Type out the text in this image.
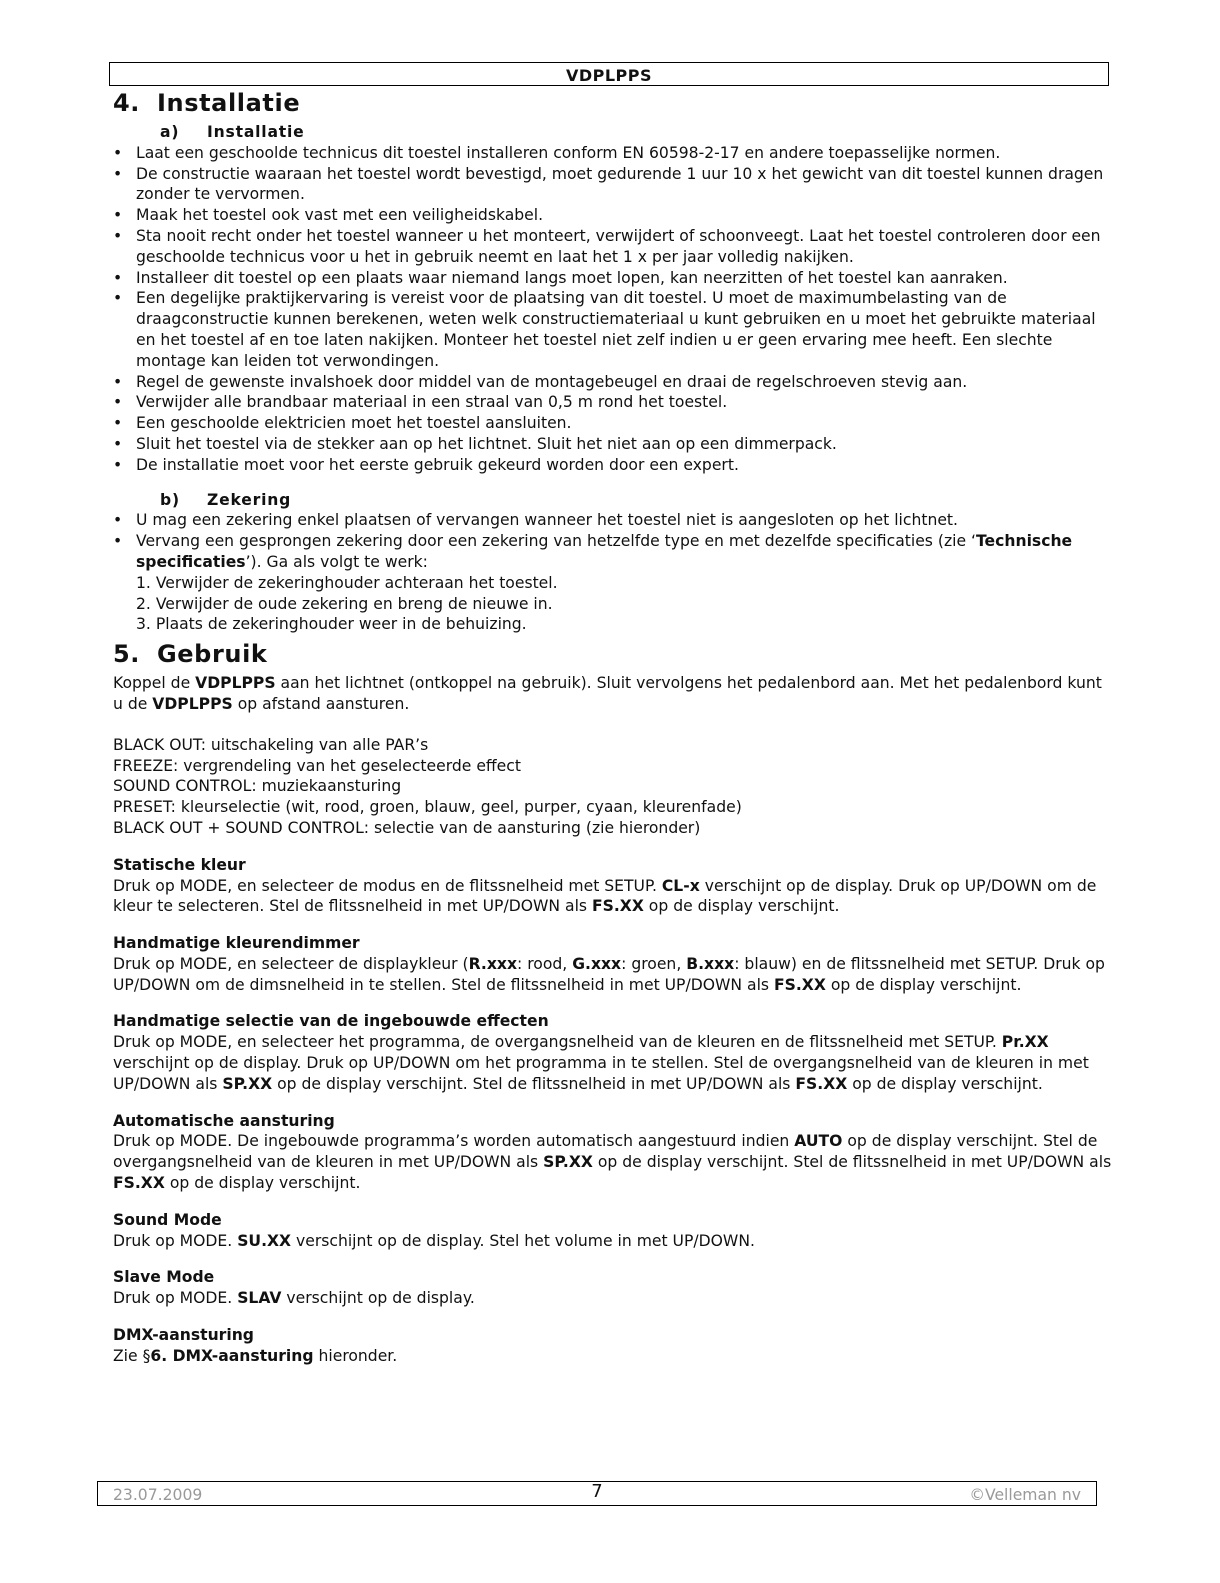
VDPLPPS
4. Installatie
a) Installatie
• Laat een geschoolde technicus dit toestel installeren conform EN 60598-2-17 en andere toepasselijke normen.
• De constructie waaraan het toestel wordt bevestigd, moet gedurende 1 uur 10 x het gewicht van dit toestel kunnen dragen zonder te vervormen.
• Maak het toestel ook vast met een veiligheidskabel.
• Sta nooit recht onder het toestel wanneer u het monteert, verwijdert of schoonveegt. Laat het toestel controleren door een geschoolde technicus voor u het in gebruik neemt en laat het 1 x per jaar volledig nakijken.
• Installeer dit toestel op een plaats waar niemand langs moet lopen, kan neerzitten of het toestel kan aanraken.
• Een degelijke praktijkervaring is vereist voor de plaatsing van dit toestel. U moet de maximumbelasting van de draagconstructie kunnen berekenen, weten welk constructiemateriaal u kunt gebruiken en u moet het gebruikte materiaal en het toestel af en toe laten nakijken. Monteer het toestel niet zelf indien u er geen ervaring mee heeft. Een slechte montage kan leiden tot verwondingen.
• Regel de gewenste invalshoek door middel van de montagebeugel en draai de regelschroeven stevig aan.
• Verwijder alle brandbaar materiaal in een straal van 0,5 m rond het toestel.
• Een geschoolde elektricien moet het toestel aansluiten.
• Sluit het toestel via de stekker aan op het lichtnet. Sluit het niet aan op een dimmerpack.
• De installatie moet voor het eerste gebruik gekeurd worden door een expert.
b) Zekering
• U mag een zekering enkel plaatsen of vervangen wanneer het toestel niet is aangesloten op het lichtnet.
• Vervang een gesprongen zekering door een zekering van hetzelfde type en met dezelfde specificaties (zie ‘Technische specificaties’). Ga als volgt te werk:
1. Verwijder de zekeringhouder achteraan het toestel.
2. Verwijder de oude zekering en breng de nieuwe in.
3. Plaats de zekeringhouder weer in de behuizing.
5. Gebruik

Koppel de VDPLPPS aan het lichtnet (ontkoppel na gebruik). Sluit vervolgens het pedalenbord aan. Met het pedalenbord kunt u de VDPLPPS op afstand aansturen.

BLACK OUT: uitschakeling van alle PAR’s

FREEZE: vergrendeling van het geselecteerde effect

SOUND CONTROL: muziekaansturing

PRESET: kleurselectie (wit, rood, groen, blauw, geel, purper, cyaan, kleurenfade)

BLACK OUT + SOUND CONTROL: selectie van de aansturing (zie hieronder)

Statische kleur

Druk op MODE, en selecteer de modus en de flitssnelheid met SETUP. CL-x verschijnt op de display. Druk op UP/DOWN om de kleur te selecteren. Stel de flitssnelheid in met UP/DOWN als FS.XX op de display verschijnt.

Handmatige kleurendimmer

Druk op MODE, en selecteer de displaykleur (R.xxx: rood, G.xxx: groen, B.xxx: blauw) en de flitssnelheid met SETUP. Druk op UP/DOWN om de dimsnelheid in te stellen. Stel de flitssnelheid in met UP/DOWN als FS.XX op de display verschijnt.

Handmatige selectie van de ingebouwde effecten

Druk op MODE, en selecteer het programma, de overgangsnelheid van de kleuren en de flitssnelheid met SETUP. Pr.XX verschijnt op de display. Druk op UP/DOWN om het programma in te stellen. Stel de overgangsnelheid van de kleuren in met UP/DOWN als SP.XX op de display verschijnt. Stel de flitssnelheid in met UP/DOWN als FS.XX op de display verschijnt.

Automatische aansturing

Druk op MODE. De ingebouwde programma’s worden automatisch aangestuurd indien AUTO op de display verschijnt. Stel de overgangsnelheid van de kleuren in met UP/DOWN als SP.XX op de display verschijnt. Stel de flitssnelheid in met UP/DOWN als FS.XX op de display verschijnt.

Sound Mode

Druk op MODE. SU.XX verschijnt op de display. Stel het volume in met UP/DOWN.

Slave Mode

Druk op MODE. SLAV verschijnt op de display.

DMX-aansturing

Zie §6. DMX-aansturing hieronder.

23.07.2009	7	©Velleman nv
